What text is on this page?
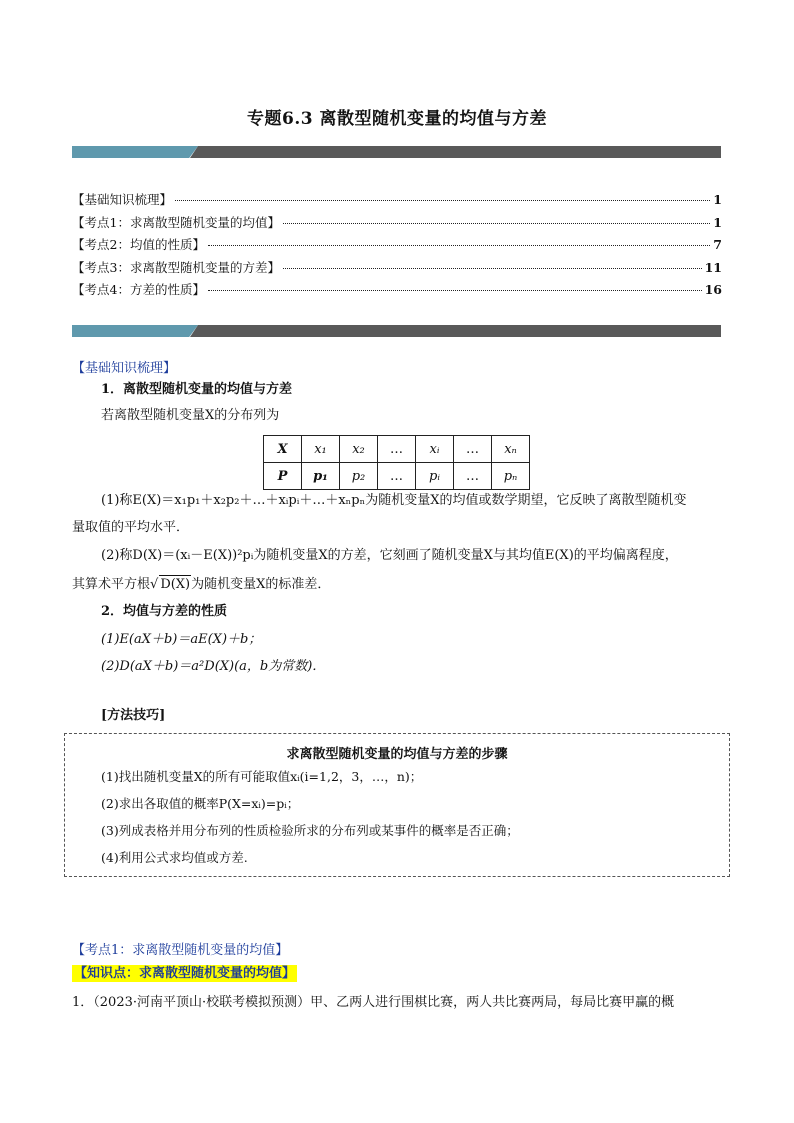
专题6.3 离散型随机变量的均值与方差
【基础知识梳理】	1
【考点1：求离散型随机变量的均值】	1
【考点2：均值的性质】	7
【考点3：求离散型随机变量的方差】	11
【考点4：方差的性质】	16
【基础知识梳理】
1．离散型随机变量的均值与方差
若离散型随机变量X的分布列为
X	x₁	x₂	…	xᵢ	…	xₙ
P	p₁	p₂	…	pᵢ	…	pₙ
(1)称E(X)＝x₁p₁＋x₂p₂＋…＋xᵢpᵢ＋…＋xₙpₙ为随机变量X的均值或数学期望，它反映了离散型随机变
量取值的平均水平．
(2)称D(X)＝(xᵢ－E(X))²pᵢ为随机变量X的方差，它刻画了随机变量X与其均值E(X)的平均偏离程度，
其算术平方根√ D(X)为随机变量X的标准差．
2．均值与方差的性质
(1)E(aX＋b)＝aE(X)＋b；
(2)D(aX＋b)＝a²D(X)(a，b为常数)．
[方法技巧]
求离散型随机变量的均值与方差的步骤
(1)找出随机变量X的所有可能取值xᵢ(i=1,2，3，…，n)；
(2)求出各取值的概率P(X=xᵢ)=pᵢ；
(3)列成表格并用分布列的性质检验所求的分布列或某事件的概率是否正确；
(4)利用公式求均值或方差.
【考点1：求离散型随机变量的均值】
【知识点：求离散型随机变量的均值】
1．（2023·河南平顶山·校联考模拟预测）甲、乙两人进行围棋比赛，两人共比赛两局，每局比赛甲赢的概
